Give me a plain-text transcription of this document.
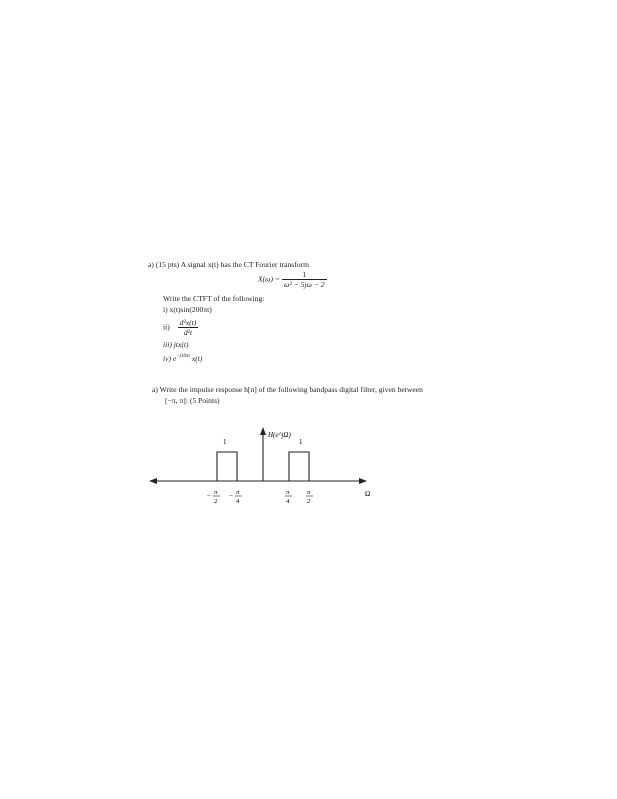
a) (15 pts) A signal x(t) has the CT Fourier transform
$X(\omega) = \frac{1}{\text{ω² − 5jω − 2}}$
Write the CTFT of the following:
i) x(t)sin(200πt)
$ii) \frac{\text{d²x(t)}}{\text{d²t}}$
iii) jtx(t)
iv) $e^{-j10\pi t}$ x(t)
a) Write the impulse response h[n] of the following bandpass digital filter, given between
[−π, π]: (5 Points)
H(e^jΩ)
Ω
1	1
− π
2
− π
4
π
4
π
2
